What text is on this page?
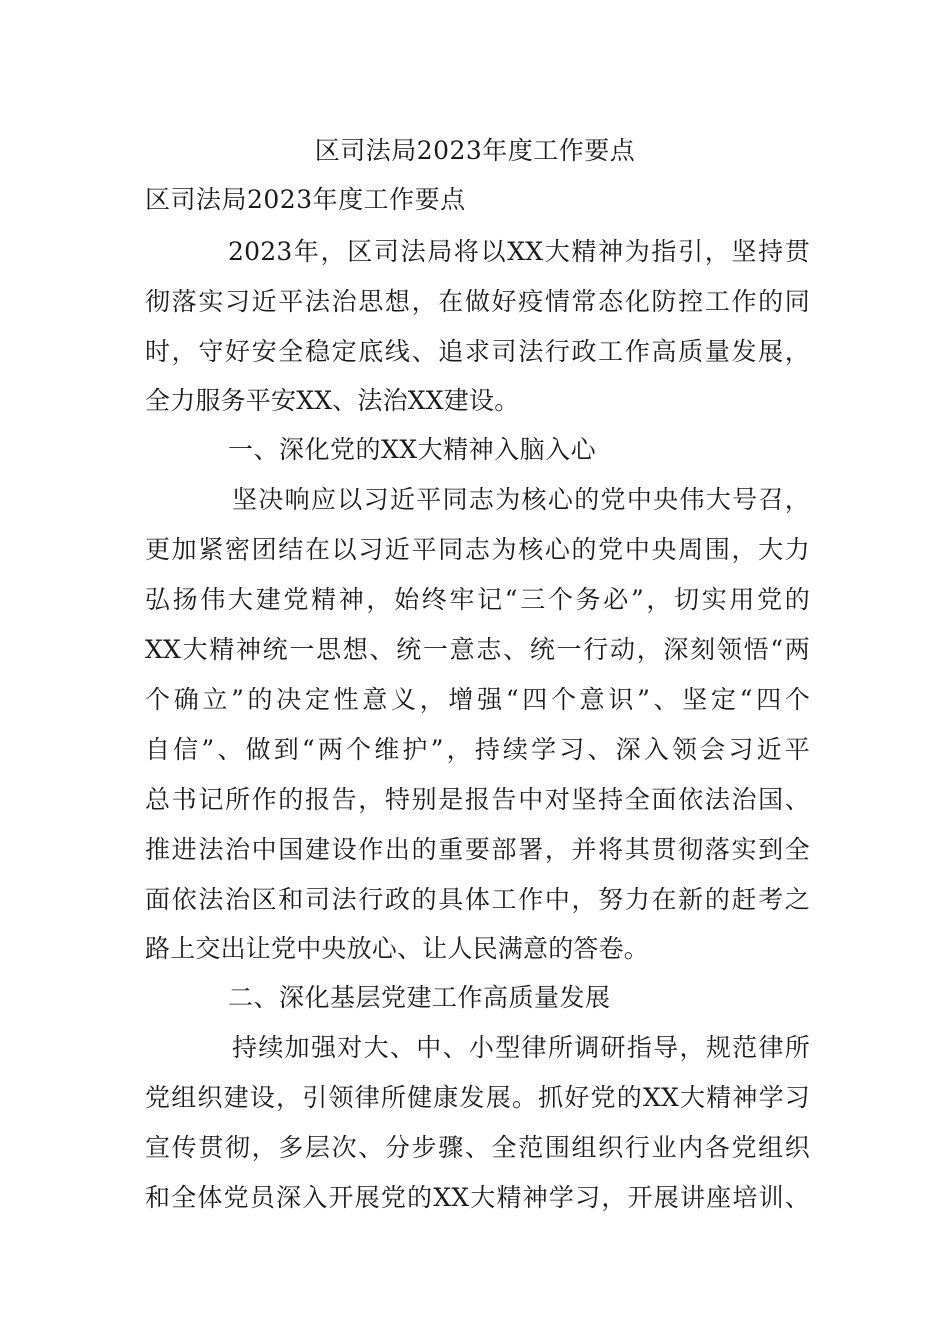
区司法局2023年度工作要点

区司法局2023年度工作要点

2023年，区司法局将以XX大精神为指引，坚持贯
彻落实习近平法治思想，在做好疫情常态化防控工作的同
时，守好安全稳定底线、追求司法行政工作高质量发展，
全力服务平安XX、法治XX建设。
一、深化党的XX大精神入脑入心
坚决响应以习近平同志为核心的党中央伟大号召，
更加紧密团结在以习近平同志为核心的党中央周围，大力
弘扬伟大建党精神，始终牢记“三个务必”，切实用党的
XX大精神统一思想、统一意志、统一行动，深刻领悟“两
个确立”的决定性意义，增强“四个意识”、坚定“四个
自信”、做到“两个维护”，持续学习、深入领会习近平
总书记所作的报告，特别是报告中对坚持全面依法治国、
推进法治中国建设作出的重要部署，并将其贯彻落实到全
面依法治区和司法行政的具体工作中，努力在新的赶考之
路上交出让党中央放心、让人民满意的答卷。
二、深化基层党建工作高质量发展
持续加强对大、中、小型律所调研指导，规范律所
党组织建设，引领律所健康发展。抓好党的XX大精神学习
宣传贯彻，多层次、分步骤、全范围组织行业内各党组织
和全体党员深入开展党的XX大精神学习，开展讲座培训、
